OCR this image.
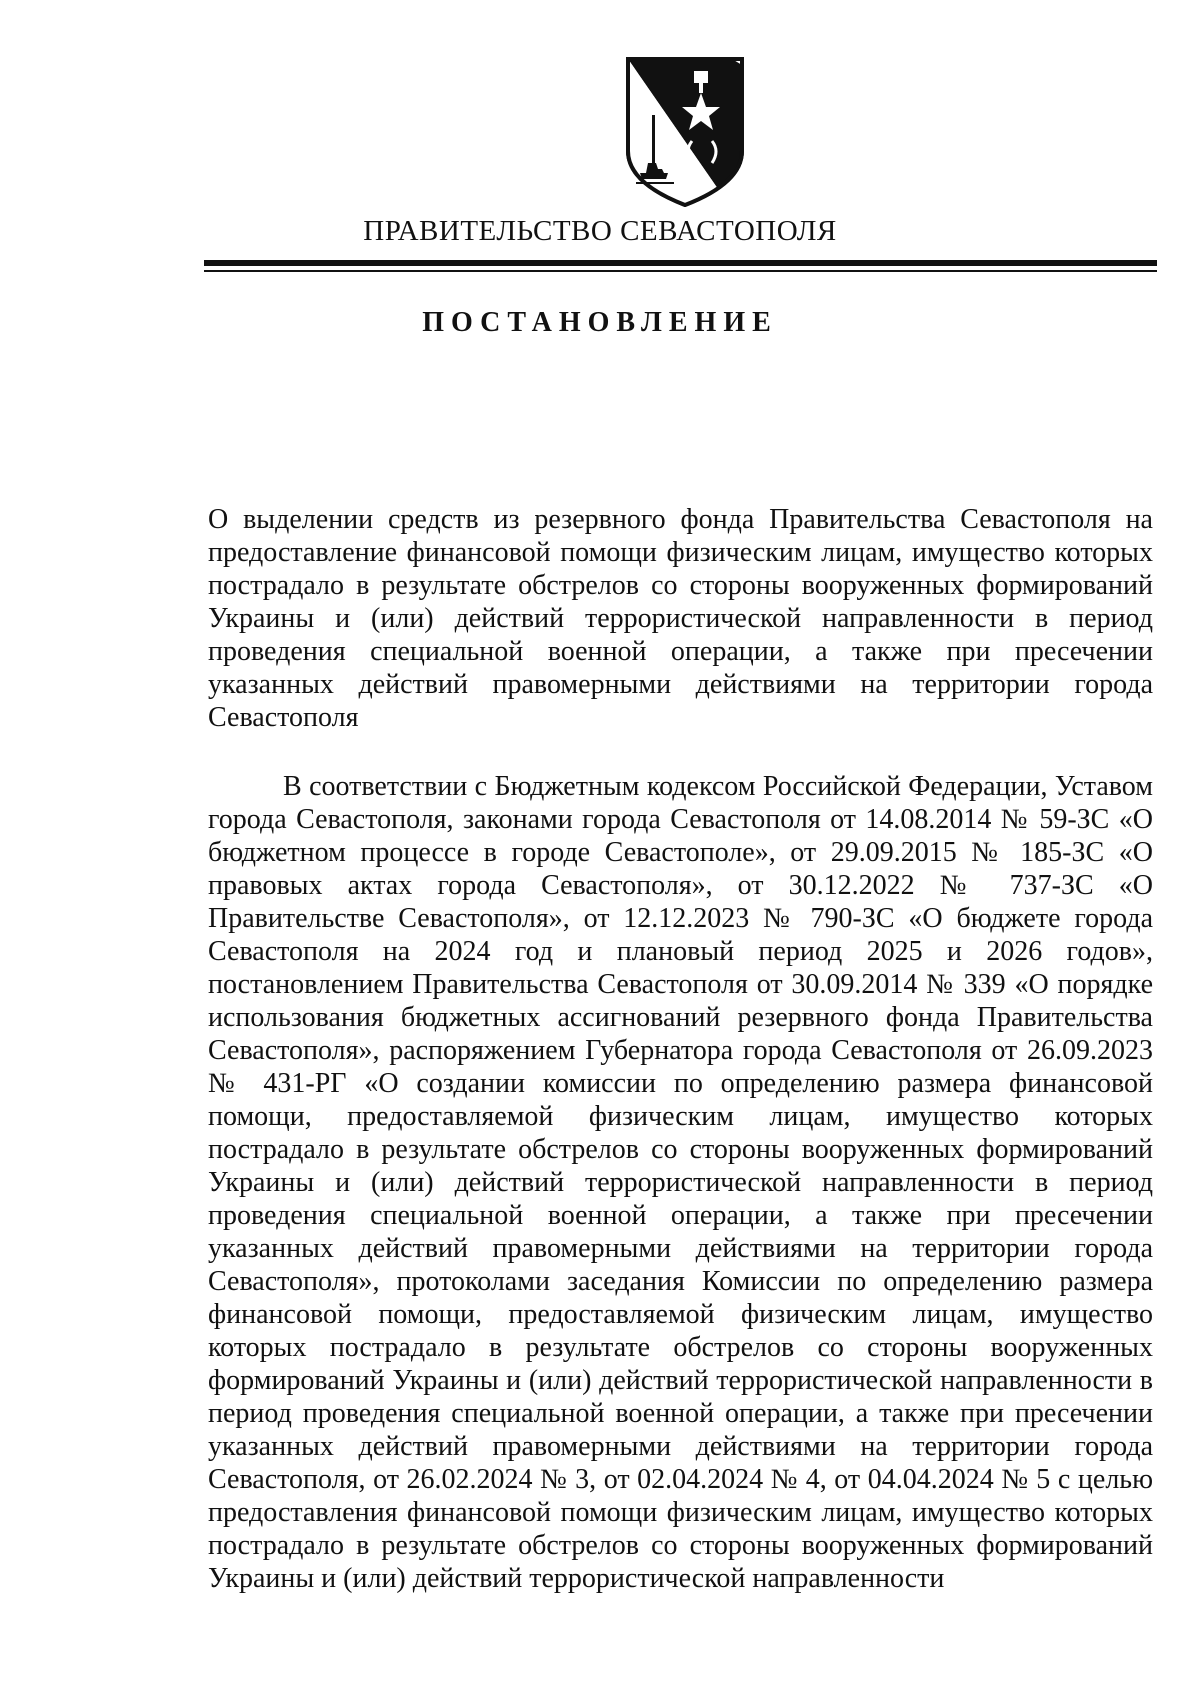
ПРАВИТЕЛЬСТВО СЕВАСТОПОЛЯ
ПОСТАНОВЛЕНИЕ
О выделении средств из резервного фонда Правительства Севастополя на предоставление финансовой помощи физическим лицам, имущество которых пострадало в результате обстрелов со стороны вооруженных формирований Украины и (или) действий террористической направленности в период проведения специальной военной операции, а также при пресечении указанных действий правомерными действиями на территории города Севастополя
В соответствии с Бюджетным кодексом Российской Федерации, Уставом города Севастополя, законами города Севастополя от 14.08.2014 № 59-ЗС «О бюджетном процессе в городе Севастополе», от 29.09.2015 № 185-ЗС «О правовых актах города Севастополя», от 30.12.2022 № 737-ЗС «О Правительстве Севастополя», от 12.12.2023 № 790-ЗС «О бюджете города Севастополя на 2024 год и плановый период 2025 и 2026 годов», постановлением Правительства Севастополя от 30.09.2014 № 339 «О порядке использования бюджетных ассигнований резервного фонда Правительства Севастополя», распоряжением Губернатора города Севастополя от 26.09.2023 № 431-РГ «О создании комиссии по определению размера финансовой помощи, предоставляемой физическим лицам, имущество которых пострадало в результате обстрелов со стороны вооруженных формирований Украины и (или) действий террористической направленности в период проведения специальной военной операции, а также при пресечении указанных действий правомерными действиями на территории города Севастополя», протоколами заседания Комиссии по определению размера финансовой помощи, предоставляемой физическим лицам, имущество которых пострадало в результате обстрелов со стороны вооруженных формирований Украины и (или) действий террористической направленности в период проведения специальной военной операции, а также при пресечении указанных действий правомерными действиями на территории города Севастополя, от 26.02.2024 № 3, от 02.04.2024 № 4, от 04.04.2024 № 5 с целью предоставления финансовой помощи физическим лицам, имущество которых пострадало в результате обстрелов со стороны вооруженных формирований Украины и (или) действий террористической направленности
